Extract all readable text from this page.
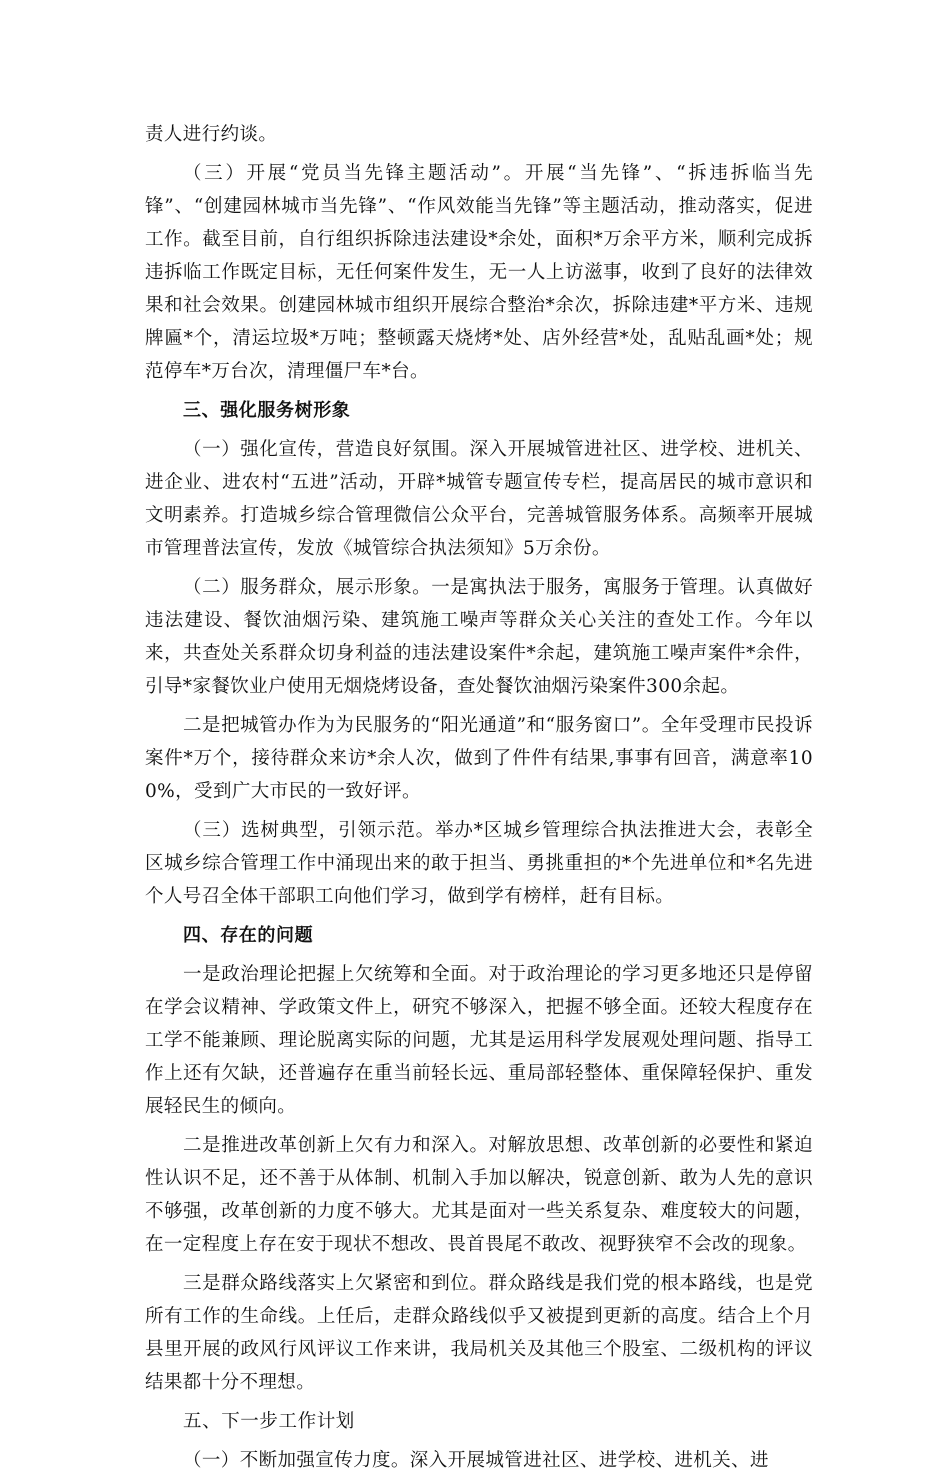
责人进行约谈。

（三）开展“党员当先锋主题活动”。开展“当先锋”、“拆违拆临当先锋”、“创建园林城市当先锋”、“作风效能当先锋”等主题活动，推动落实，促进工作。截至目前，自行组织拆除违法建设*余处，面积*万余平方米，顺利完成拆违拆临工作既定目标，无任何案件发生，无一人上访滋事，收到了良好的法律效果和社会效果。创建园林城市组织开展综合整治*余次，拆除违建*平方米、违规牌匾*个，清运垃圾*万吨；整顿露天烧烤*处、店外经营*处，乱贴乱画*处；规范停车*万台次，清理僵尸车*台。

三、强化服务树形象

（一）强化宣传，营造良好氛围。深入开展城管进社区、进学校、进机关、进企业、进农村“五进”活动，开辟*城管专题宣传专栏，提高居民的城市意识和文明素养。打造城乡综合管理微信公众平台，完善城管服务体系。高频率开展城市管理普法宣传，发放《城管综合执法须知》5万余份。

（二）服务群众，展示形象。一是寓执法于服务，寓服务于管理。认真做好违法建设、餐饮油烟污染、建筑施工噪声等群众关心关注的查处工作。今年以来，共查处关系群众切身利益的违法建设案件*余起，建筑施工噪声案件*余件，引导*家餐饮业户使用无烟烧烤设备，查处餐饮油烟污染案件300余起。

二是把城管办作为为民服务的“阳光通道”和“服务窗口”。全年受理市民投诉案件*万个，接待群众来访*余人次，做到了件件有结果,事事有回音，满意率100%，受到广大市民的一致好评。

（三）选树典型，引领示范。举办*区城乡管理综合执法推进大会，表彰全区城乡综合管理工作中涌现出来的敢于担当、勇挑重担的*个先进单位和*名先进个人号召全体干部职工向他们学习，做到学有榜样，赶有目标。

四、存在的问题

一是政治理论把握上欠统筹和全面。对于政治理论的学习更多地还只是停留在学会议精神、学政策文件上，研究不够深入，把握不够全面。还较大程度存在工学不能兼顾、理论脱离实际的问题，尤其是运用科学发展观处理问题、指导工作上还有欠缺，还普遍存在重当前轻长远、重局部轻整体、重保障轻保护、重发展轻民生的倾向。

二是推进改革创新上欠有力和深入。对解放思想、改革创新的必要性和紧迫性认识不足，还不善于从体制、机制入手加以解决，锐意创新、敢为人先的意识不够强，改革创新的力度不够大。尤其是面对一些关系复杂、难度较大的问题，在一定程度上存在安于现状不想改、畏首畏尾不敢改、视野狭窄不会改的现象。

三是群众路线落实上欠紧密和到位。群众路线是我们党的根本路线，也是党所有工作的生命线。上任后，走群众路线似乎又被提到更新的高度。结合上个月县里开展的政风行风评议工作来讲，我局机关及其他三个股室、二级机构的评议结果都十分不理想。

五、下一步工作计划

（一）不断加强宣传力度。深入开展城管进社区、进学校、进机关、进
